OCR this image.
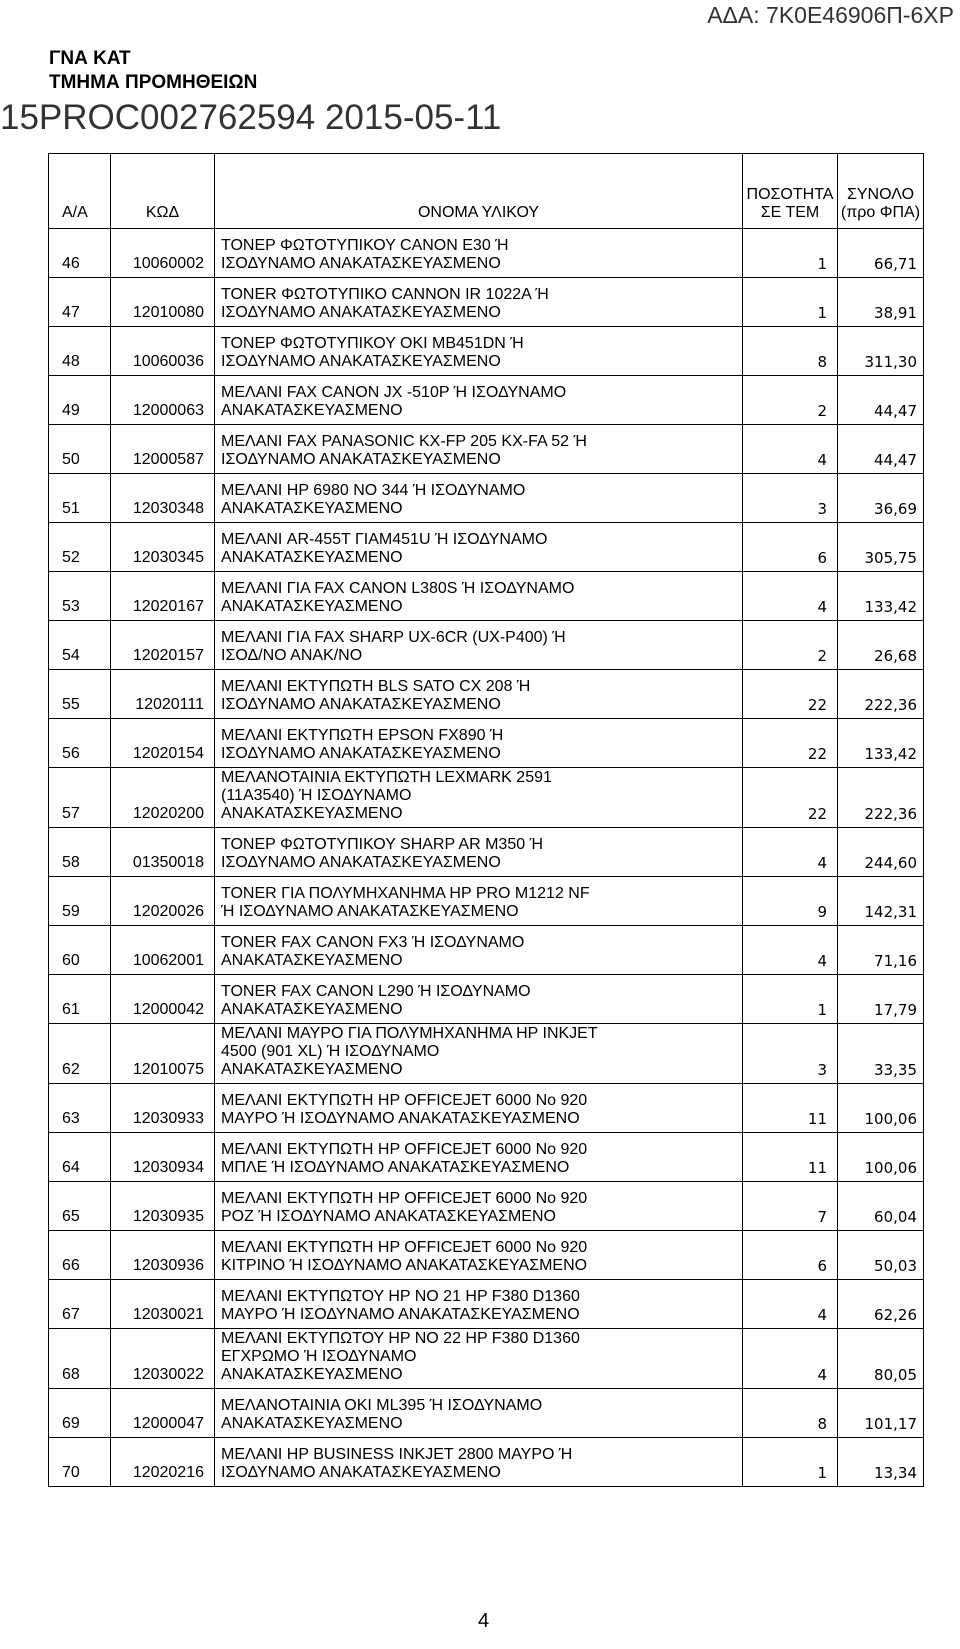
ΑΔΑ: 7Κ0Ε46906Π-6ΧΡ
ΓΝΑ ΚΑΤ
ΤΜΗΜΑ ΠΡΟΜΗΘΕΙΩΝ
15PROC002762594 2015-05-11
Α/Α	ΚΩΔ	ΟΝΟΜΑ ΥΛΙΚΟΥ	ΠΟΣΟΤΗΤΑ
ΣΕ ΤΕΜ	ΣΥΝΟΛΟ
(προ ΦΠΑ)
46	10060002	ΤΟΝΕΡ ΦΩΤΟΤΥΠΙΚΟΥ CANON E30 Ή
ΙΣΟΔΥΝΑΜΟ ΑΝΑΚΑΤΑΣΚΕΥΑΣΜΕΝΟ	1	66,71
47	12010080	TONER ΦΩΤΟΤΥΠΙΚΟ CANNON IR 1022A Ή
ΙΣΟΔΥΝΑΜΟ ΑΝΑΚΑΤΑΣΚΕΥΑΣΜΕΝΟ	1	38,91
48	10060036	ΤΟΝΕΡ ΦΩΤΟΤΥΠΙΚΟΥ OKI MB451DN Ή
ΙΣΟΔΥΝΑΜΟ ΑΝΑΚΑΤΑΣΚΕΥΑΣΜΕΝΟ	8	311,30
49	12000063	ΜΕΛΑΝΙ FAX CANON JX -510P Ή ΙΣΟΔΥΝΑΜΟ
ΑΝΑΚΑΤΑΣΚΕΥΑΣΜΕΝΟ	2	44,47
50	12000587	ΜΕΛΑΝΙ FAX PANASONIC KX-FP 205 KX-FA 52 Ή
ΙΣΟΔΥΝΑΜΟ ΑΝΑΚΑΤΑΣΚΕΥΑΣΜΕΝΟ	4	44,47
51	12030348	ΜΕΛΑΝΙ HP 6980 NO 344 Ή ΙΣΟΔΥΝΑΜΟ
ΑΝΑΚΑΤΑΣΚΕΥΑΣΜΕΝΟ	3	36,69
52	12030345	ΜΕΛΑΝΙ AR-455T ΓΙΑΜ451U Ή ΙΣΟΔΥΝΑΜΟ
ΑΝΑΚΑΤΑΣΚΕΥΑΣΜΕΝΟ	6	305,75
53	12020167	ΜΕΛΑΝΙ ΓΙΑ FAX CANON L380S Ή ΙΣΟΔΥΝΑΜΟ
ΑΝΑΚΑΤΑΣΚΕΥΑΣΜΕΝΟ	4	133,42
54	12020157	ΜΕΛΑΝΙ ΓΙΑ FAX SHARP UX-6CR (UX-P400) Ή
ΙΣΟΔ/ΝΟ ΑΝΑΚ/ΝΟ	2	26,68
55	12020111	ΜΕΛΑΝΙ ΕΚΤΥΠΩΤΗ BLS SATO CX 208 Ή
ΙΣΟΔΥΝΑΜΟ ΑΝΑΚΑΤΑΣΚΕΥΑΣΜΕΝΟ	22	222,36
56	12020154	ΜΕΛΑΝΙ ΕΚΤΥΠΩΤΗ EPSON FX890 Ή
ΙΣΟΔΥΝΑΜΟ ΑΝΑΚΑΤΑΣΚΕΥΑΣΜΕΝΟ	22	133,42
57	12020200	ΜΕΛΑΝΟΤΑΙΝΙΑ ΕΚΤΥΠΩΤΗ LEXMARK 2591
(11A3540) Ή ΙΣΟΔΥΝΑΜΟ
ΑΝΑΚΑΤΑΣΚΕΥΑΣΜΕΝΟ	22	222,36
58	01350018	ΤΟΝΕΡ ΦΩΤΟΤΥΠΙΚΟΥ SHARP AR M350 Ή
ΙΣΟΔΥΝΑΜΟ ΑΝΑΚΑΤΑΣΚΕΥΑΣΜΕΝΟ	4	244,60
59	12020026	TONER ΓΙΑ ΠΟΛΥΜΗΧΑΝΗΜΑ HP PRO M1212 NF
Ή ΙΣΟΔΥΝΑΜΟ ΑΝΑΚΑΤΑΣΚΕΥΑΣΜΕΝΟ	9	142,31
60	10062001	TONER FAX CANON FX3 Ή ΙΣΟΔΥΝΑΜΟ
ΑΝΑΚΑΤΑΣΚΕΥΑΣΜΕΝΟ	4	71,16
61	12000042	TONER FAX CANON L290 Ή ΙΣΟΔΥΝΑΜΟ
ΑΝΑΚΑΤΑΣΚΕΥΑΣΜΕΝΟ	1	17,79
62	12010075	ΜΕΛΑΝΙ ΜΑΥΡΟ ΓΙΑ ΠΟΛΥΜΗΧΑΝΗΜΑ HP INKJET
4500 (901 XL) Ή ΙΣΟΔΥΝΑΜΟ
ΑΝΑΚΑΤΑΣΚΕΥΑΣΜΕΝΟ	3	33,35
63	12030933	ΜΕΛΑΝΙ ΕΚΤΥΠΩΤΗ HP OFFICEJET 6000 No 920
ΜΑΥΡΟ Ή ΙΣΟΔΥΝΑΜΟ ΑΝΑΚΑΤΑΣΚΕΥΑΣΜΕΝΟ	11	100,06
64	12030934	ΜΕΛΑΝΙ ΕΚΤΥΠΩΤΗ HP OFFICEJET 6000 No 920
ΜΠΛΕ Ή ΙΣΟΔΥΝΑΜΟ ΑΝΑΚΑΤΑΣΚΕΥΑΣΜΕΝΟ	11	100,06
65	12030935	ΜΕΛΑΝΙ ΕΚΤΥΠΩΤΗ HP OFFICEJET 6000 No 920
ΡΟΖ Ή ΙΣΟΔΥΝΑΜΟ ΑΝΑΚΑΤΑΣΚΕΥΑΣΜΕΝΟ	7	60,04
66	12030936	ΜΕΛΑΝΙ ΕΚΤΥΠΩΤΗ HP OFFICEJET 6000 No 920
ΚΙΤΡΙΝΟ Ή ΙΣΟΔΥΝΑΜΟ ΑΝΑΚΑΤΑΣΚΕΥΑΣΜΕΝΟ	6	50,03
67	12030021	ΜΕΛΑΝΙ ΕΚΤΥΠΩΤΟΥ HP NO 21 HP F380 D1360
ΜΑΥΡΟ Ή ΙΣΟΔΥΝΑΜΟ ΑΝΑΚΑΤΑΣΚΕΥΑΣΜΕΝΟ	4	62,26
68	12030022	ΜΕΛΑΝΙ ΕΚΤΥΠΩΤΟΥ HP NO 22 HP F380 D1360
ΕΓΧΡΩΜΟ Ή ΙΣΟΔΥΝΑΜΟ
ΑΝΑΚΑΤΑΣΚΕΥΑΣΜΕΝΟ	4	80,05
69	12000047	ΜΕΛΑΝΟΤΑΙΝΙΑ OKI ML395 Ή ΙΣΟΔΥΝΑΜΟ
ΑΝΑΚΑΤΑΣΚΕΥΑΣΜΕΝΟ	8	101,17
70	12020216	ΜΕΛΑΝΙ HP BUSINESS INKJET 2800 ΜΑΥΡΟ Ή
ΙΣΟΔΥΝΑΜΟ ΑΝΑΚΑΤΑΣΚΕΥΑΣΜΕΝΟ	1	13,34
4
